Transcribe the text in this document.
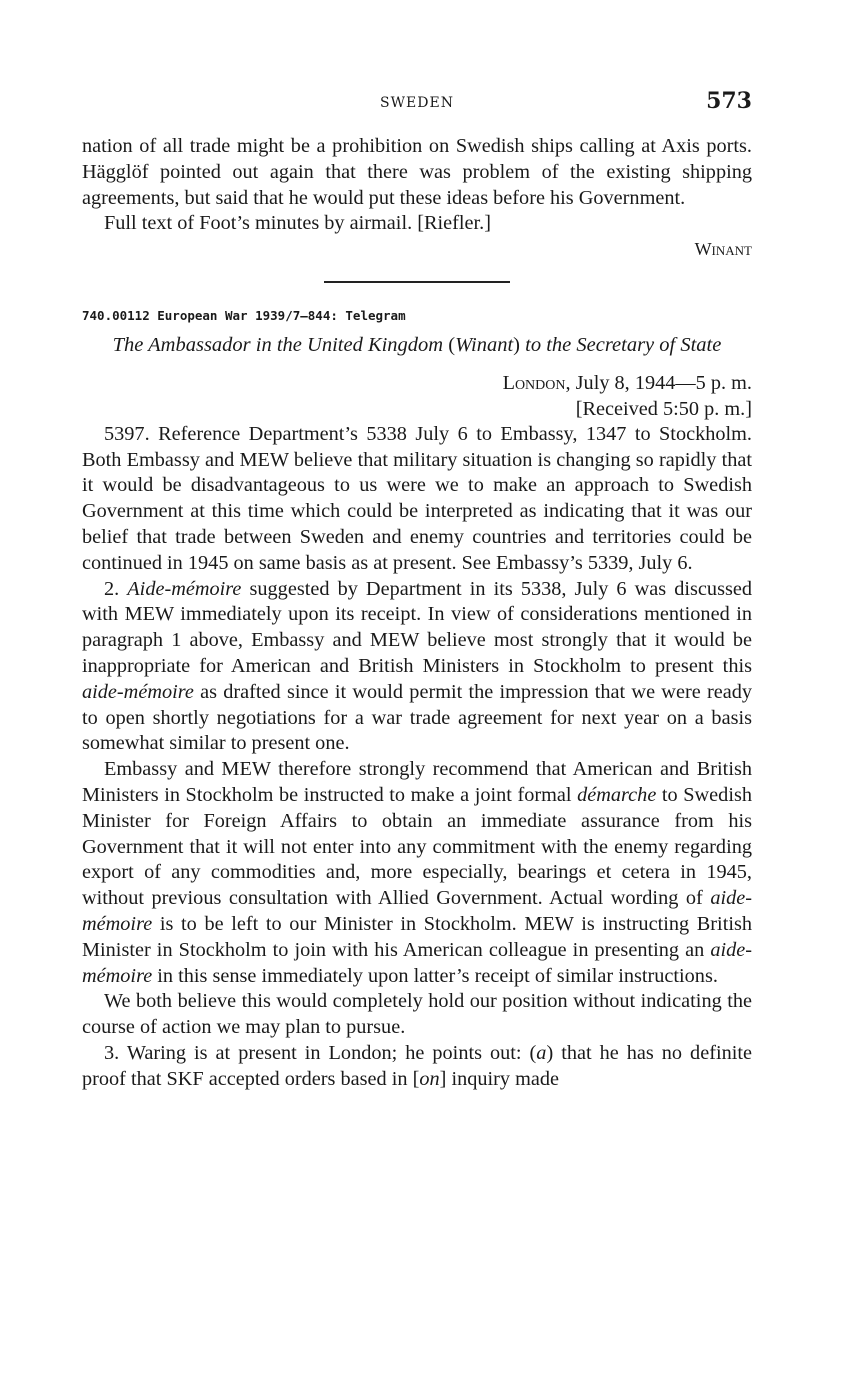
SWEDEN	573

nation of all trade might be a prohibition on Swedish ships calling at Axis ports. Hägglöf pointed out again that there was problem of the existing shipping agreements, but said that he would put these ideas before his Government.

Full text of Foot’s minutes by airmail. [Riefler.]

Winant
740.00112 European War 1939/7–844: Telegram
The Ambassador in the United Kingdom (Winant) to the Secretary of State
London, July 8, 1944—5 p. m.
[Received 5:50 p. m.]

5397. Reference Department’s 5338 July 6 to Embassy, 1347 to Stockholm. Both Embassy and MEW believe that military situation is changing so rapidly that it would be disadvantageous to us were we to make an approach to Swedish Government at this time which could be interpreted as indicating that it was our belief that trade between Sweden and enemy countries and territories could be continued in 1945 on same basis as at present. See Embassy’s 5339, July 6.

2. Aide-mémoire suggested by Department in its 5338, July 6 was discussed with MEW immediately upon its receipt. In view of considerations mentioned in paragraph 1 above, Embassy and MEW believe most strongly that it would be inappropriate for American and British Ministers in Stockholm to present this aide-mémoire as drafted since it would permit the impression that we were ready to open shortly negotiations for a war trade agreement for next year on a basis somewhat similar to present one.

Embassy and MEW therefore strongly recommend that American and British Ministers in Stockholm be instructed to make a joint formal démarche to Swedish Minister for Foreign Affairs to obtain an immediate assurance from his Government that it will not enter into any commitment with the enemy regarding export of any commodities and, more especially, bearings et cetera in 1945, without previous consultation with Allied Government. Actual wording of aide-mémoire is to be left to our Minister in Stockholm. MEW is instructing British Minister in Stockholm to join with his American colleague in presenting an aide-mémoire in this sense immediately upon latter’s receipt of similar instructions.

We both believe this would completely hold our position without indicating the course of action we may plan to pursue.

3. Waring is at present in London; he points out: (a) that he has no definite proof that SKF accepted orders based in [on] inquiry made
